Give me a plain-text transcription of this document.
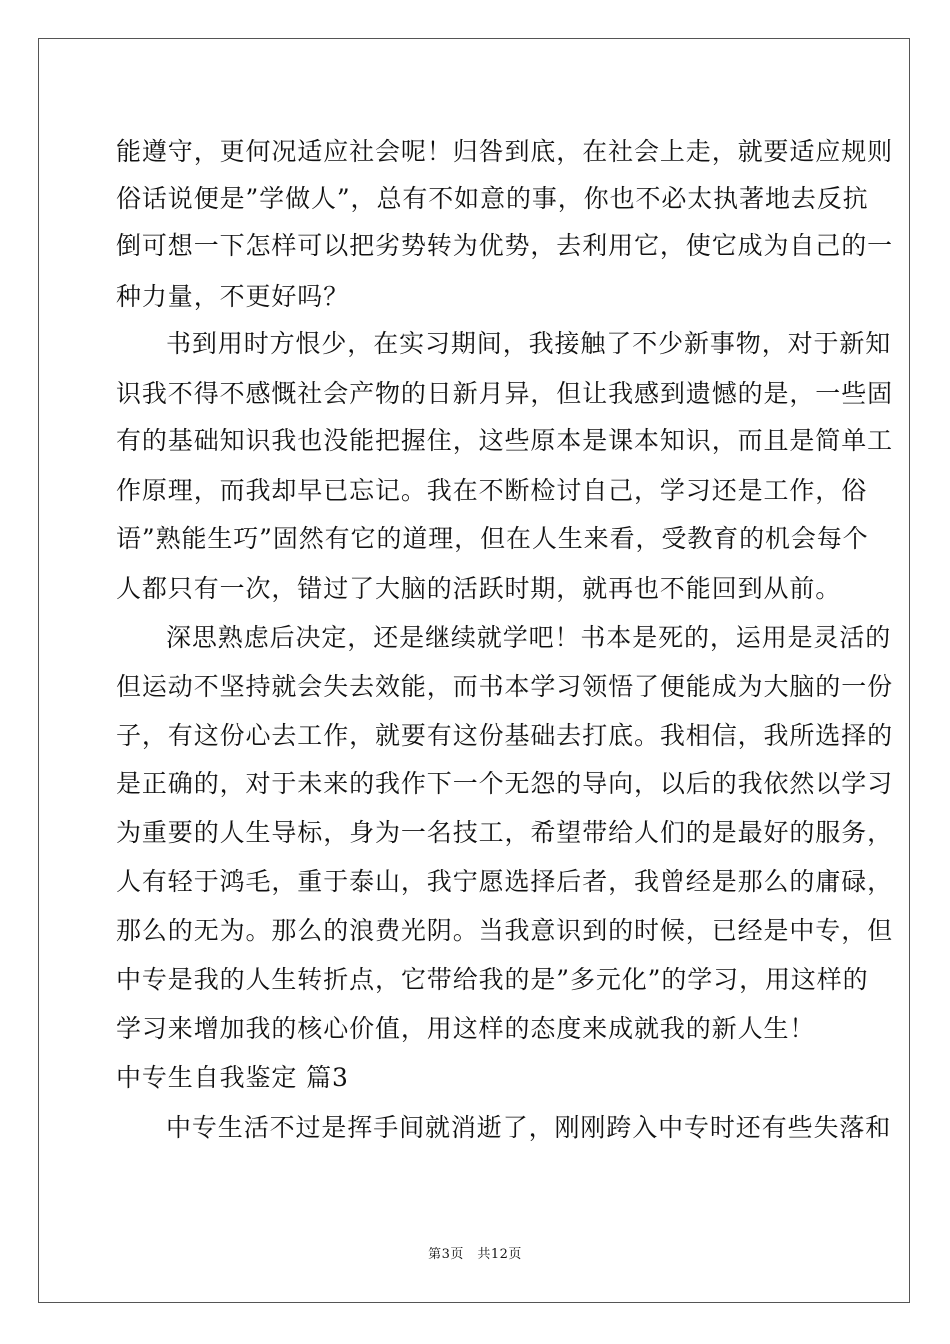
能遵守，更何况适应社会呢！归咎到底，在社会上走，就要适应规则
俗话说便是”学做人”，总有不如意的事，你也不必太执著地去反抗
倒可想一下怎样可以把劣势转为优势，去利用它，使它成为自己的一
种力量，不更好吗？
书到用时方恨少，在实习期间，我接触了不少新事物，对于新知
识我不得不感慨社会产物的日新月异，但让我感到遗憾的是，一些固
有的基础知识我也没能把握住，这些原本是课本知识，而且是简单工
作原理，而我却早已忘记。我在不断检讨自己，学习还是工作，俗
语”熟能生巧”固然有它的道理，但在人生来看，受教育的机会每个
人都只有一次，错过了大脑的活跃时期，就再也不能回到从前。
深思熟虑后决定，还是继续就学吧！书本是死的，运用是灵活的
但运动不坚持就会失去效能，而书本学习领悟了便能成为大脑的一份
子，有这份心去工作，就要有这份基础去打底。我相信，我所选择的
是正确的，对于未来的我作下一个无怨的导向，以后的我依然以学习
为重要的人生导标，身为一名技工，希望带给人们的是最好的服务，
人有轻于鸿毛，重于泰山，我宁愿选择后者，我曾经是那么的庸碌，
那么的无为。那么的浪费光阴。当我意识到的时候，已经是中专，但
中专是我的人生转折点，它带给我的是”多元化”的学习，用这样的
学习来增加我的核心价值，用这样的态度来成就我的新人生！
中专生自我鉴定 篇3
中专生活不过是挥手间就消逝了，刚刚跨入中专时还有些失落和
第3页　共12页
